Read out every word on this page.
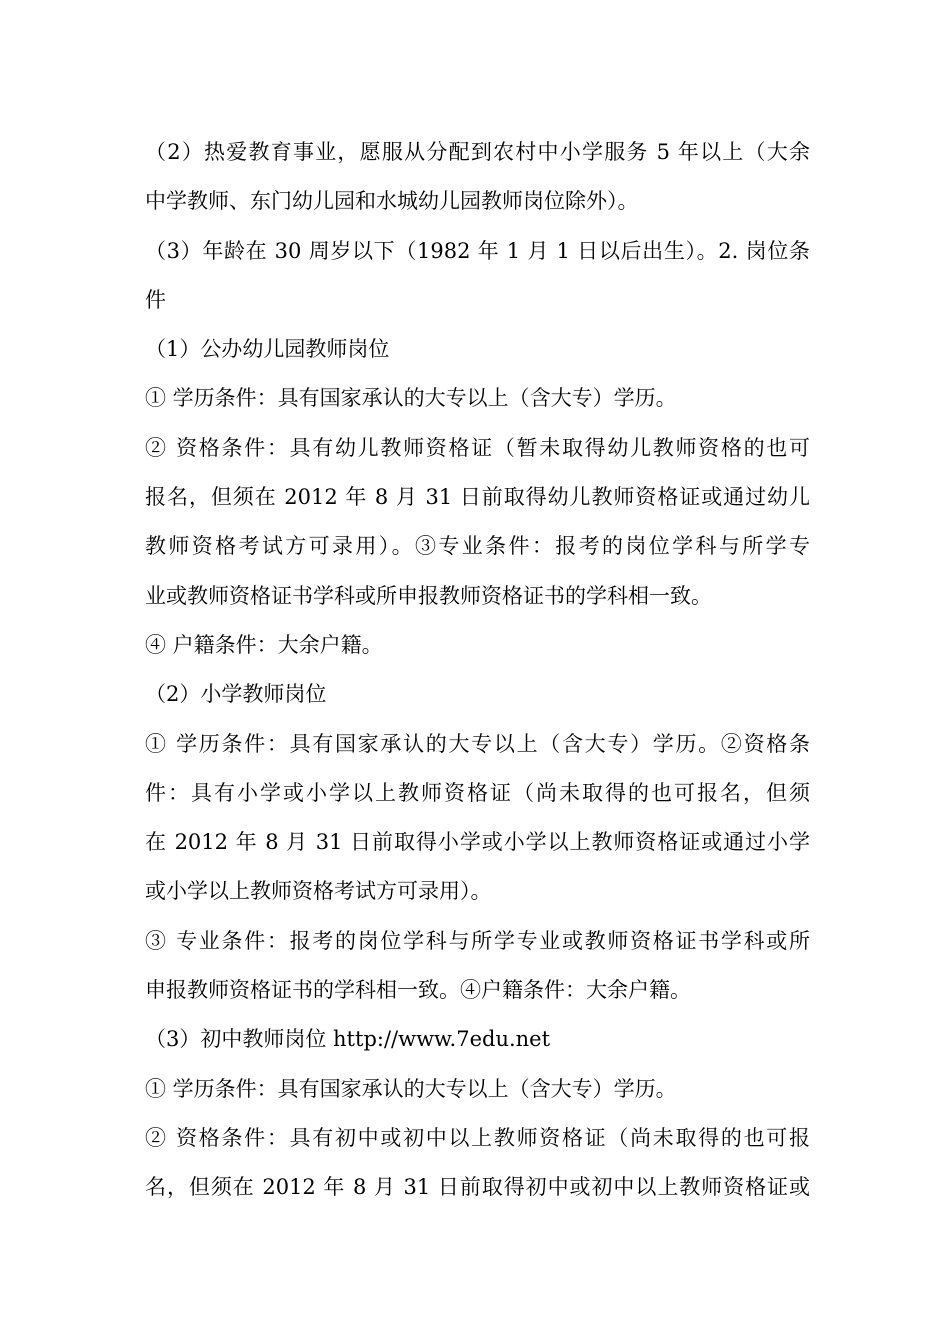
（2）热爱教育事业，愿服从分配到农村中小学服务 5 年以上（大余
中学教师、东门幼儿园和水城幼儿园教师岗位除外）。
（3）年龄在 30 周岁以下（1982 年 1 月 1 日以后出生）。2. 岗位条
件
（1）公办幼儿园教师岗位
① 学历条件：具有国家承认的大专以上（含大专）学历。
② 资格条件：具有幼儿教师资格证（暂未取得幼儿教师资格的也可
报名，但须在 2012 年 8 月 31 日前取得幼儿教师资格证或通过幼儿
教师资格考试方可录用）。③专业条件：报考的岗位学科与所学专
业或教师资格证书学科或所申报教师资格证书的学科相一致。
④ 户籍条件：大余户籍。
（2）小学教师岗位
① 学历条件：具有国家承认的大专以上（含大专）学历。②资格条
件：具有小学或小学以上教师资格证（尚未取得的也可报名，但须
在 2012 年 8 月 31 日前取得小学或小学以上教师资格证或通过小学
或小学以上教师资格考试方可录用）。
③ 专业条件：报考的岗位学科与所学专业或教师资格证书学科或所
申报教师资格证书的学科相一致。④户籍条件：大余户籍。
（3）初中教师岗位 http://www.7edu.net
① 学历条件：具有国家承认的大专以上（含大专）学历。
② 资格条件：具有初中或初中以上教师资格证（尚未取得的也可报
名，但须在 2012 年 8 月 31 日前取得初中或初中以上教师资格证或
